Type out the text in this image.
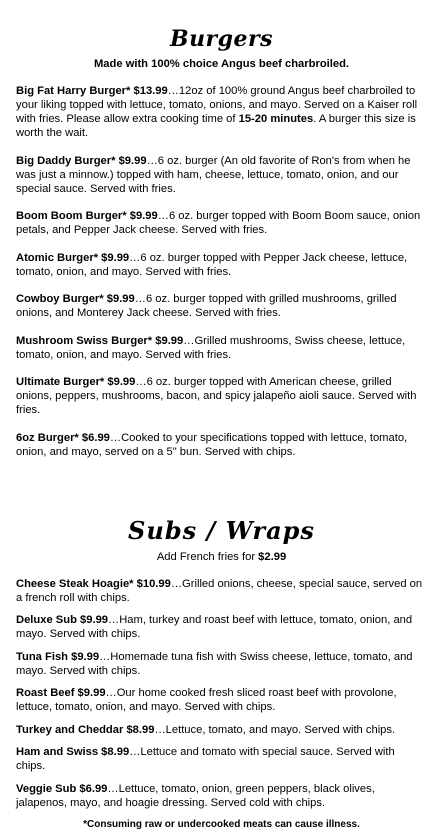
Burgers
Made with 100% choice Angus beef charbroiled.

Big Fat Harry Burger* $13.99…12oz of 100% ground Angus beef charbroiled to your liking topped with lettuce, tomato, onions, and mayo. Served on a Kaiser roll with fries. Please allow extra cooking time of 15-20 minutes. A burger this size is worth the wait.

Big Daddy Burger* $9.99…6 oz. burger (An old favorite of Ron's from when he was just a minnow.) topped with ham, cheese, lettuce, tomato, onion, and our special sauce. Served with fries.

Boom Boom Burger* $9.99…6 oz. burger topped with Boom Boom sauce, onion petals, and Pepper Jack cheese. Served with fries.

Atomic Burger* $9.99…6 oz. burger topped with Pepper Jack cheese, lettuce, tomato, onion, and mayo. Served with fries.

Cowboy Burger* $9.99…6 oz. burger topped with grilled mushrooms, grilled onions, and Monterey Jack cheese. Served with fries.

Mushroom Swiss Burger* $9.99…Grilled mushrooms, Swiss cheese, lettuce, tomato, onion, and mayo. Served with fries.

Ultimate Burger* $9.99…6 oz. burger topped with American cheese, grilled onions, peppers, mushrooms, bacon, and spicy jalapeño aioli sauce. Served with fries.

6oz Burger* $6.99…Cooked to your specifications topped with lettuce, tomato, onion, and mayo, served on a 5" bun. Served with chips.

Subs / Wraps
Add French fries for $2.99

Cheese Steak Hoagie* $10.99…Grilled onions, cheese, special sauce, served on a french roll with chips.

Deluxe Sub $9.99…Ham, turkey and roast beef with lettuce, tomato, onion, and mayo. Served with chips.

Tuna Fish $9.99…Homemade tuna fish with Swiss cheese, lettuce, tomato, and mayo. Served with chips.

Roast Beef $9.99…Our home cooked fresh sliced roast beef with provolone, lettuce, tomato, onion, and mayo. Served with chips.

Turkey and Cheddar $8.99…Lettuce, tomato, and mayo. Served with chips.

Ham and Swiss $8.99…Lettuce and tomato with special sauce. Served with chips.

Veggie Sub $6.99…Lettuce, tomato, onion, green peppers, black olives, jalapenos, mayo, and hoagie dressing. Served cold with chips.

*Consuming raw or undercooked meats can cause illness.
